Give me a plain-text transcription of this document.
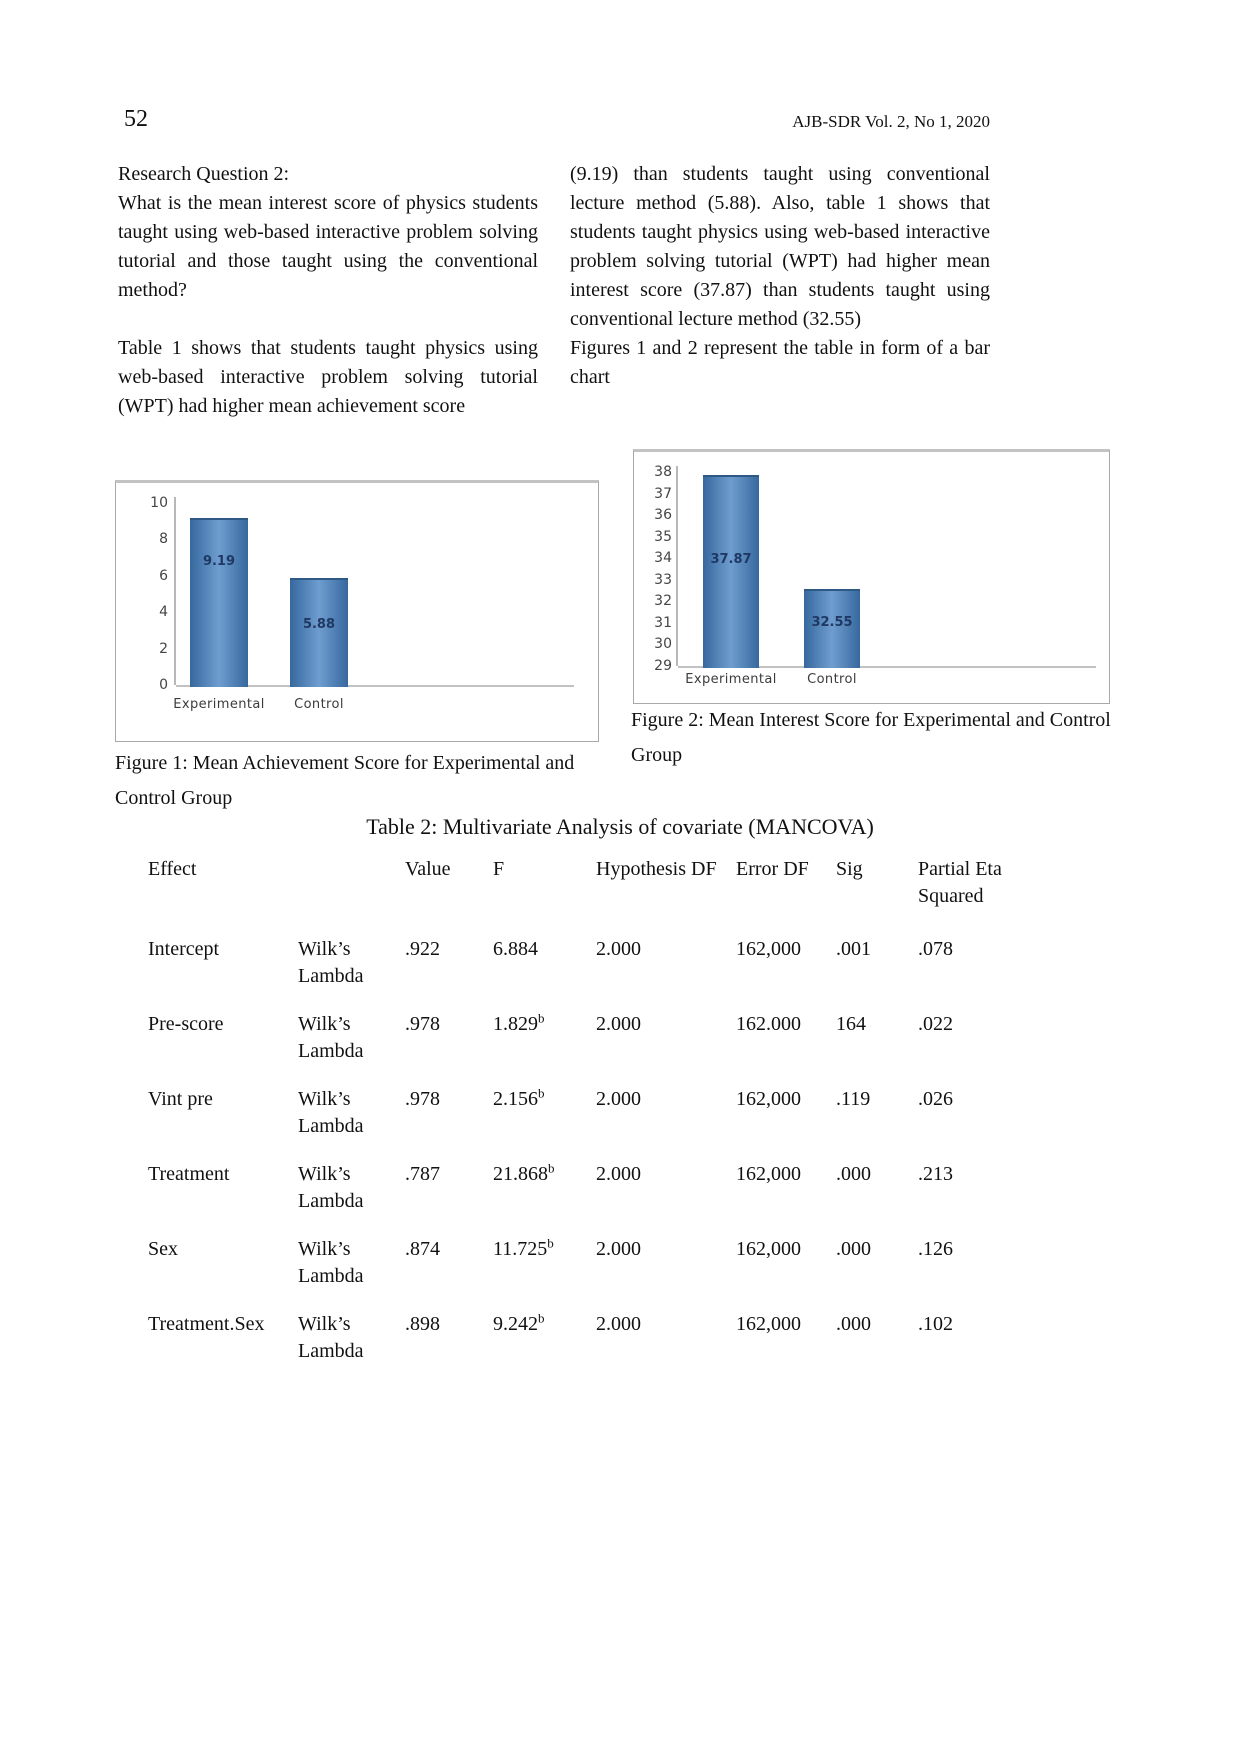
52	AJB-SDR Vol. 2, No 1, 2020

Research Question 2:

What is the mean interest score of physics students taught using web-based interactive problem solving tutorial and those taught using the conventional method?

Table 1 shows that students taught physics using web-based interactive problem solving tutorial (WPT) had higher mean achievement score

(9.19) than students taught using conventional lecture method (5.88). Also, table 1 shows that students taught physics using web-based interactive problem solving tutorial (WPT) had higher mean interest score (37.87) than students taught using conventional lecture method (32.55)

Figures 1 and 2 represent the table in form of a bar chart

0
2
4
6
8
10
9.19
Experimental
5.88
Control
Figure 1: Mean Achievement Score for Experimental and Control Group
29
30
31
32
33
34
35
36
37
38
37.87
Experimental
32.55
Control
Figure 2: Mean Interest Score for Experimental and Control Group
Table 2: Multivariate Analysis of covariate (MANCOVA)
Effect		Value	F	Hypothesis DF	Error DF	Sig	Partial Eta Squared
Intercept	Wilk’s Lambda	.922	6.884	2.000	162,000	.001	.078
Pre-score	Wilk’s Lambda	.978	1.829$^b$	2.000	162.000	164	.022
Vint pre	Wilk’s Lambda	.978	2.156$^b$	2.000	162,000	.119	.026
Treatment	Wilk’s Lambda	.787	21.868$^b$	2.000	162,000	.000	.213
Sex	Wilk’s Lambda	.874	11.725$^b$	2.000	162,000	.000	.126
Treatment.Sex	Wilk’s Lambda	.898	9.242$^b$	2.000	162,000	.000	.102
